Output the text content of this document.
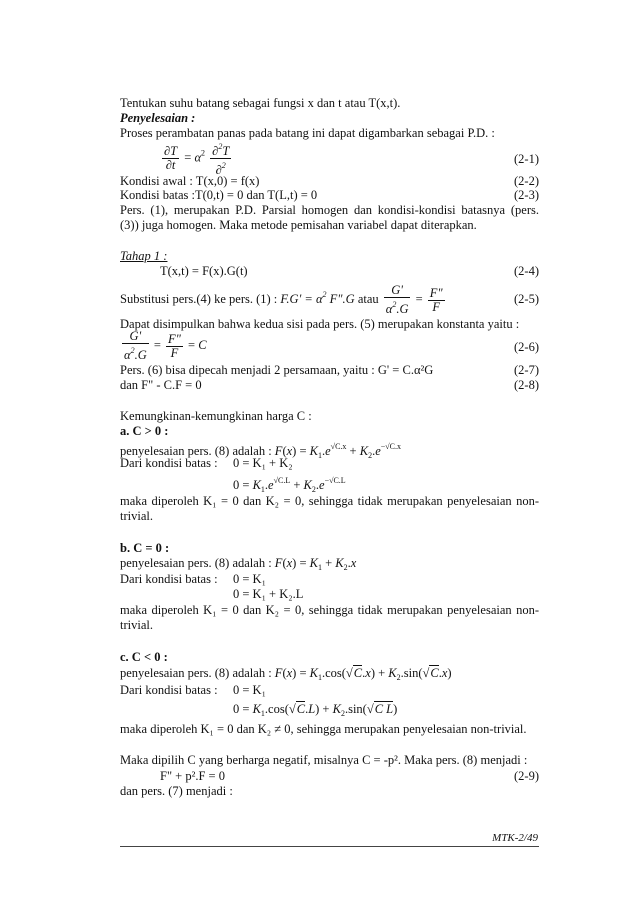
Tentukan suhu batang sebagai fungsi x dan t atau T(x,t).
Penyelesaian :
Proses perambatan panas pada batang ini dapat digambarkan sebagai P.D. :
$\frac{\partial T}{\partial t} = \alpha^2 \frac{\partial^2T}{\partial^2}$	(2-1)
Kondisi awal : T(x,0) = f(x)	(2-2)
Kondisi batas :T(0,t) = 0 dan T(L,t) = 0	(2-3)
Pers. (1), merupakan P.D. Parsial homogen dan kondisi-kondisi batasnya (pers.
(3)) juga homogen. Maka metode pemisahan variabel dapat diterapkan.
Tahap 1 :
T(x,t) = F(x).G(t)	(2-4)
Substitusi pers.(4) ke pers. (1) : $F.G' = \alpha^2$ F".G atau $\frac{G'}{\alpha^2.G} = \frac{F"}{F}$	(2-5)
Dapat disimpulkan bahwa kedua sisi pada pers. (5) merupakan konstanta yaitu :
$\frac{G'}{\alpha^2.G} = \frac{F"}{F} = C$	(2-6)
Pers. (6) bisa dipecah menjadi 2 persamaan, yaitu : G' = C.α²G	(2-7)
dan F" - C.F = 0	(2-8)
Kemungkinan-kemungkinan harga C :
a. C > 0 :
penyelesaian pers. (8) adalah : $F(x) = K_1.e^{√C.x} + K_2.e^{-√C.x}$
Dari kondisi batas : 0 = K₁ + K₂
$0 = K_1.e^{√C.L} + K_2.e^{-√C.L}$
maka diperoleh K₁ = 0 dan K₂ = 0, sehingga tidak merupakan penyelesaian non-
trivial.
b. C = 0 :
penyelesaian pers. (8) adalah : $F(x) = K_1 + K_2.x$
Dari kondisi batas : 0 = K₁
0 = K₁ + K₂.L
maka diperoleh K₁ = 0 dan K₂ = 0, sehingga tidak merupakan penyelesaian non-
trivial.
c. C < 0 :
penyelesaian pers. (8) adalah : $F(x) = K_1.\cos(√C.x) + K_2.\sin(√C.x)$
Dari kondisi batas : 0 = K₁
$0 = K_1.\cos(√C.L) + K_2.\sin(√C$ L)
maka diperoleh K₁ = 0 dan K₂ ≠ 0, sehingga merupakan penyelesaian non-trivial.
Maka dipilih C yang berharga negatif, misalnya C = -p². Maka pers. (8) menjadi :
F" + p².F = 0	(2-9)
dan pers. (7) menjadi :
MTK-2/49
